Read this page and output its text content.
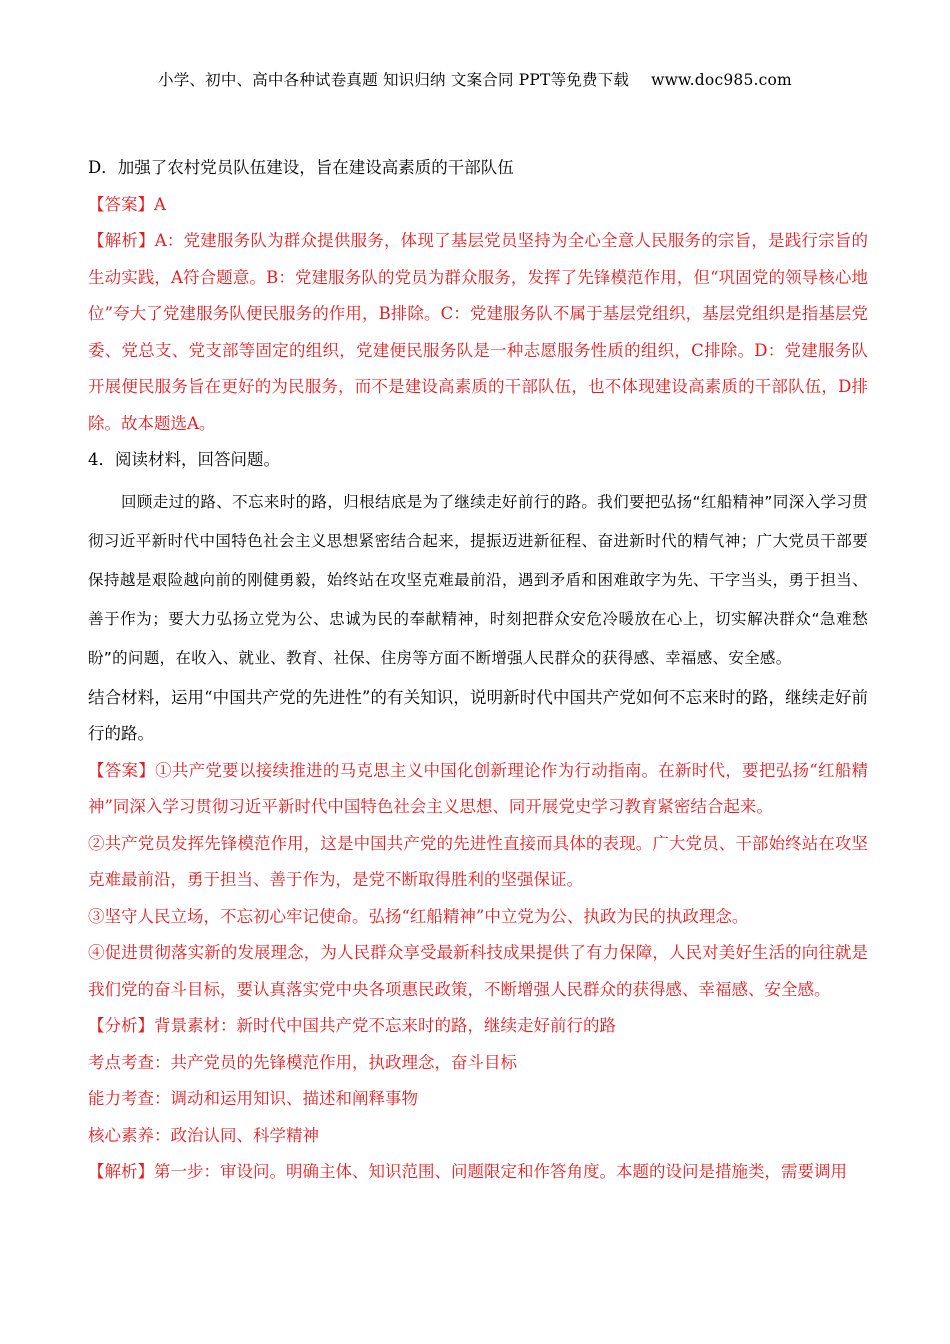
小学、初中、高中各种试卷真题 知识归纳 文案合同 PPT等免费下载 www.doc985.com

D．加强了农村党员队伍建设，旨在建设高素质的干部队伍

【答案】A

【解析】A：党建服务队为群众提供服务，体现了基层党员坚持为全心全意人民服务的宗旨，是践行宗旨的生动实践，A符合题意。B：党建服务队的党员为群众服务，发挥了先锋模范作用，但“巩固党的领导核心地位”夸大了党建服务队便民服务的作用，B排除。C：党建服务队不属于基层党组织，基层党组织是指基层党委、党总支、党支部等固定的组织，党建便民服务队是一种志愿服务性质的组织，C排除。D：党建服务队开展便民服务旨在更好的为民服务，而不是建设高素质的干部队伍，也不体现建设高素质的干部队伍，D排除。故本题选A。

4．阅读材料，回答问题。

回顾走过的路、不忘来时的路，归根结底是为了继续走好前行的路。我们要把弘扬“红船精神”同深入学习贯彻习近平新时代中国特色社会主义思想紧密结合起来，提振迈进新征程、奋进新时代的精气神；广大党员干部要保持越是艰险越向前的刚健勇毅，始终站在攻坚克难最前沿，遇到矛盾和困难敢字为先、干字当头，勇于担当、善于作为；要大力弘扬立党为公、忠诚为民的奉献精神，时刻把群众安危冷暖放在心上，切实解决群众“急难愁盼”的问题，在收入、就业、教育、社保、住房等方面不断增强人民群众的获得感、幸福感、安全感。

结合材料，运用“中国共产党的先进性”的有关知识，说明新时代中国共产党如何不忘来时的路，继续走好前行的路。

【答案】①共产党要以接续推进的马克思主义中国化创新理论作为行动指南。在新时代，要把弘扬“红船精神”同深入学习贯彻习近平新时代中国特色社会主义思想、同开展党史学习教育紧密结合起来。

②共产党员发挥先锋模范作用，这是中国共产党的先进性直接而具体的表现。广大党员、干部始终站在攻坚克难最前沿，勇于担当、善于作为，是党不断取得胜利的坚强保证。

③坚守人民立场，不忘初心牢记使命。弘扬“红船精神”中立党为公、执政为民的执政理念。

④促进贯彻落实新的发展理念，为人民群众享受最新科技成果提供了有力保障，人民对美好生活的向往就是我们党的奋斗目标，要认真落实党中央各项惠民政策，不断增强人民群众的获得感、幸福感、安全感。

【分析】背景素材：新时代中国共产党不忘来时的路，继续走好前行的路

考点考查：共产党员的先锋模范作用，执政理念，奋斗目标

能力考查：调动和运用知识、描述和阐释事物

核心素养：政治认同、科学精神

【解析】第一步：审设问。明确主体、知识范围、问题限定和作答角度。本题的设问是措施类，需要调用
